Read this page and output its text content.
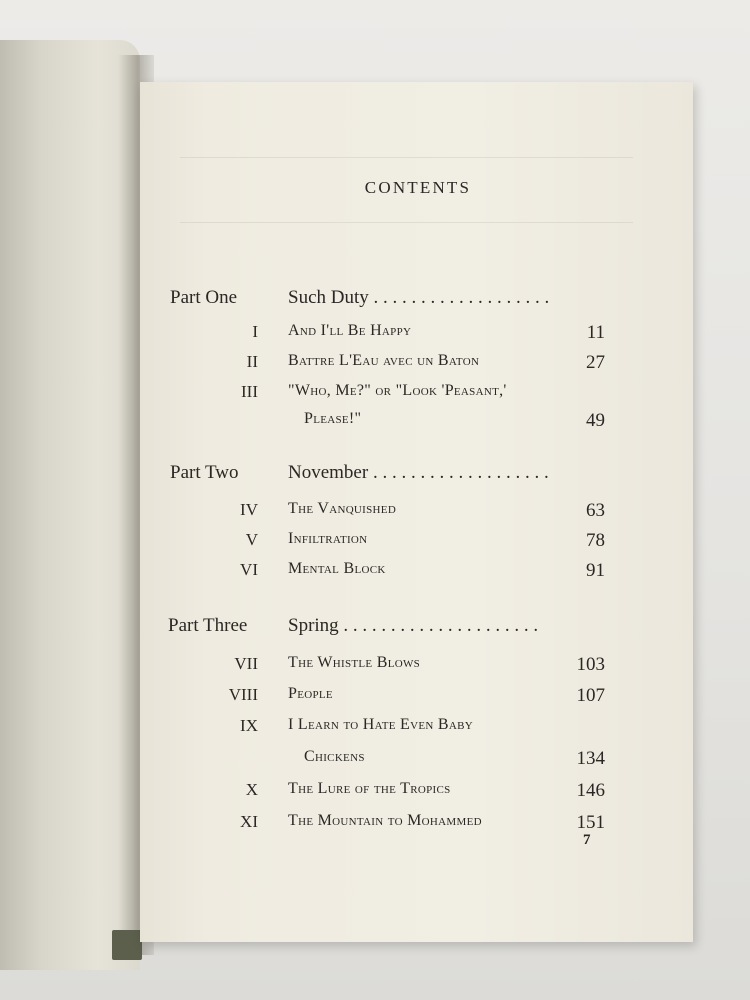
CONTENTS
Part One	Such Duty . . . . . . . . . . . . . . . . . . .
I And I'll Be Happy	11
II Battre L'Eau avec un Baton	27
III "Who, Me?" or "Look 'Peasant,'
Please!"	49
Part Two	November . . . . . . . . . . . . . . . . . . .
IV The Vanquished	63
V Infiltration	78
VI Mental Block	91
Part Three	Spring . . . . . . . . . . . . . . . . . . . . .
VII The Whistle Blows	103
VIII People	107
IX I Learn to Hate Even Baby
Chickens	134
X The Lure of the Tropics	146
XI The Mountain to Mohammed	151
7
